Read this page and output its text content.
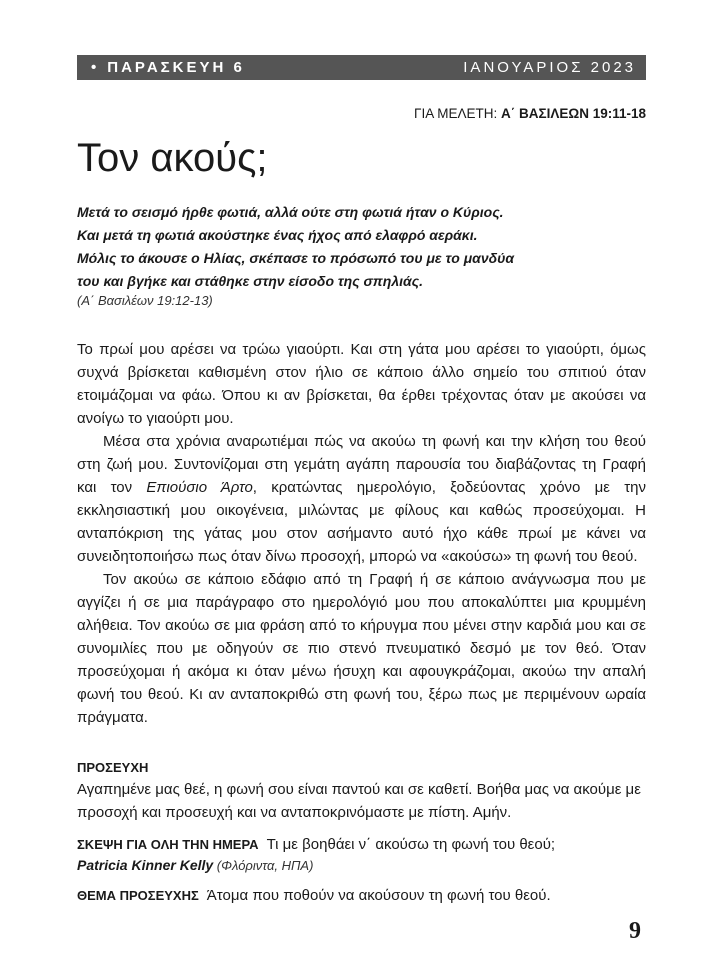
• ΠΑΡΑΣΚΕΥΗ 6	ΙΑΝΟΥΑΡΙΟΣ 2023
ΓΙΑ ΜΕΛΕΤΗ: Α΄ ΒΑΣΙΛΕΩΝ 19:11-18
Τον ακούς;
Μετά το σεισμό ήρθε φωτιά, αλλά ούτε στη φωτιά ήταν ο Κύριος.
Και μετά τη φωτιά ακούστηκε ένας ήχος από ελαφρό αεράκι.
Μόλις το άκουσε ο Ηλίας, σκέπασε το πρόσωπό του με το μανδύα
του και βγήκε και στάθηκε στην είσοδο της σπηλιάς.
(Α΄ Βασιλέων 19:12-13)

Το πρωί μου αρέσει να τρώω γιαούρτι. Και στη γάτα μου αρέσει το γιαούρτι, όμως συχνά βρίσκεται καθισμένη στον ήλιο σε κάποιο άλλο σημείο του σπιτιού όταν ετοιμάζομαι να φάω. Όπου κι αν βρίσκεται, θα έρθει τρέχοντας όταν με ακούσει να ανοίγω το γιαούρτι μου.

Μέσα στα χρόνια αναρωτιέμαι πώς να ακούω τη φωνή και την κλήση του θεού στη ζωή μου. Συντονίζομαι στη γεμάτη αγάπη παρουσία του διαβάζοντας τη Γραφή και τον Επιούσιο Άρτο, κρατώντας ημερολόγιο, ξοδεύοντας χρόνο με την εκκλησιαστική μου οικογένεια, μιλώντας με φίλους και καθώς προσεύχομαι. Η ανταπόκριση της γάτας μου στον ασήμαντο αυτό ήχο κάθε πρωί με κάνει να συνειδητοποιήσω πως όταν δίνω προσοχή, μπορώ να «ακούσω» τη φωνή του θεού.

Τον ακούω σε κάποιο εδάφιο από τη Γραφή ή σε κάποιο ανάγνωσμα που με αγγίζει ή σε μια παράγραφο στο ημερολόγιό μου που αποκαλύπτει μια κρυμμένη αλήθεια. Τον ακούω σε μια φράση από το κήρυγμα που μένει στην καρδιά μου και σε συνομιλίες που με οδηγούν σε πιο στενό πνευματικό δεσμό με τον θεό. Όταν προσεύχομαι ή ακόμα κι όταν μένω ήσυχη και αφουγκράζομαι, ακούω την απαλή φωνή του θεού. Κι αν ανταποκριθώ στη φωνή του, ξέρω πως με περιμένουν ωραία πράγματα.

ΠΡΟΣΕΥΧΗ
Αγαπημένε μας θεέ, η φωνή σου είναι παντού και σε καθετί. Βοήθα μας να ακούμε με προσοχή και προσευχή και να ανταποκρινόμαστε με πίστη. Αμήν.
ΣΚΕΨΗ ΓΙΑ ΟΛΗ ΤΗΝ ΗΜΕΡΑ Τι με βοηθάει ν΄ ακούσω τη φωνή του θεού;
Patricia Kinner Kelly (Φλόριντα, ΗΠΑ)
ΘΕΜΑ ΠΡΟΣΕΥΧΗΣ Άτομα που ποθούν να ακούσουν τη φωνή του θεού.
9
